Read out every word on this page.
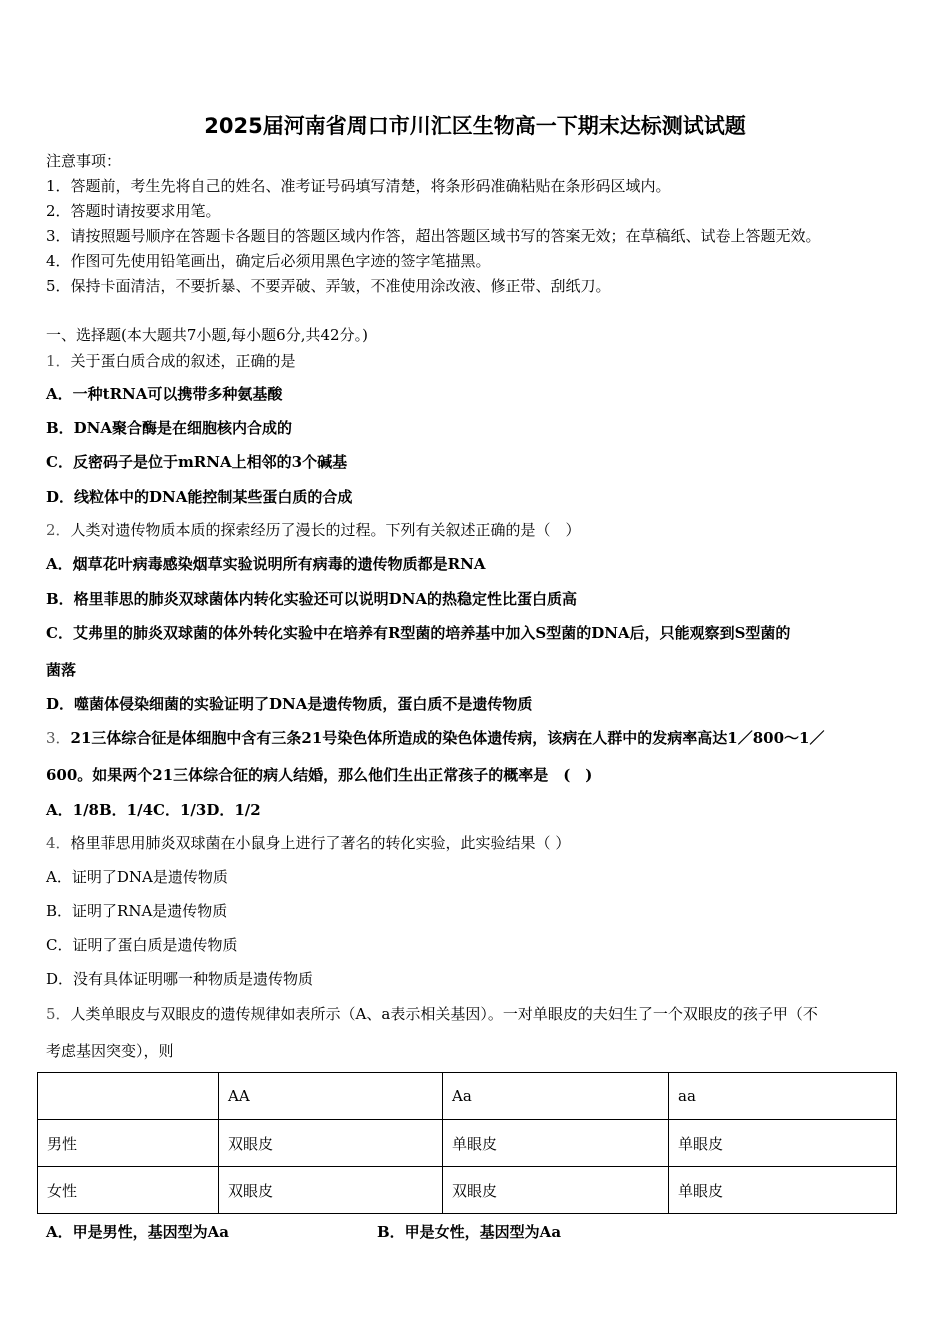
2025届河南省周口市川汇区生物高一下期末达标测试试题
注意事项：
1．答题前，考生先将自己的姓名、准考证号码填写清楚，将条形码准确粘贴在条形码区域内。
2．答题时请按要求用笔。
3．请按照题号顺序在答题卡各题目的答题区域内作答，超出答题区域书写的答案无效；在草稿纸、试卷上答题无效。
4．作图可先使用铅笔画出，确定后必须用黑色字迹的签字笔描黑。
5．保持卡面清洁，不要折暴、不要弄破、弄皱，不准使用涂改液、修正带、刮纸刀。
一、选择题(本大题共7小题,每小题6分,共42分。)
1．关于蛋白质合成的叙述，正确的是
A．一种tRNA可以携带多种氨基酸
B．DNA聚合酶是在细胞核内合成的
C．反密码子是位于mRNA上相邻的3个碱基
D．线粒体中的DNA能控制某些蛋白质的合成
2．人类对遗传物质本质的探索经历了漫长的过程。下列有关叙述正确的是（　）
A．烟草花叶病毒感染烟草实验说明所有病毒的遗传物质都是RNA
B．格里菲思的肺炎双球菌体内转化实验还可以说明DNA的热稳定性比蛋白质高
C．艾弗里的肺炎双球菌的体外转化实验中在培养有R型菌的培养基中加入S型菌的DNA后，只能观察到S型菌的
菌落
D．噬菌体侵染细菌的实验证明了DNA是遗传物质，蛋白质不是遗传物质
3．21三体综合征是体细胞中含有三条21号染色体所造成的染色体遗传病，该病在人群中的发病率高达1／800～1／
600。如果两个21三体综合征的病人结婚，那么他们生出正常孩子的概率是　(　)
A．1/8B．1/4C．1/3D．1/2
4．格里菲思用肺炎双球菌在小鼠身上进行了著名的转化实验，此实验结果（ ）
A．证明了DNA是遗传物质
B．证明了RNA是遗传物质
C．证明了蛋白质是遗传物质
D．没有具体证明哪一种物质是遗传物质
5．人类单眼皮与双眼皮的遗传规律如表所示（A、a表示相关基因）。一对单眼皮的夫妇生了一个双眼皮的孩子甲（不
考虑基因突变），则
	AA	Aa	aa
男性	双眼皮	单眼皮	单眼皮
女性	双眼皮	双眼皮	单眼皮
A．甲是男性，基因型为Aa	B．甲是女性，基因型为Aa
